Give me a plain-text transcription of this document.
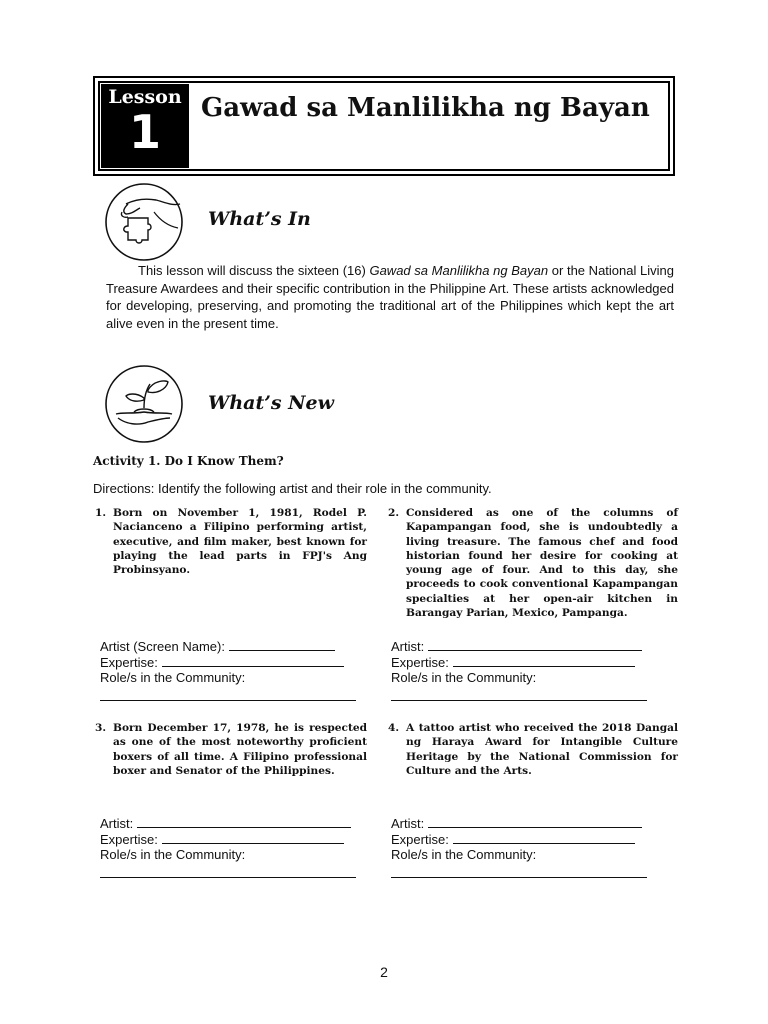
Lesson
1	Gawad sa Manlilikha ng Bayan
What’s In
This lesson will discuss the sixteen (16) Gawad sa Manlilikha ng Bayan or the National Living Treasure Awardees and their specific contribution in the Philippine Art. These artists acknowledged for developing, preserving, and promoting the traditional art of the Philippines which kept the art alive even in the present time.
What’s New
Activity 1. Do I Know Them?
Directions: Identify the following artist and their role in the community.
1. Born on November 1, 1981, Rodel P. Nacianceno a Filipino performing artist, executive, and film maker, best known for playing the lead parts in FPJ's Ang Probinsyano.
Artist (Screen Name):
Expertise:
Role/s in the Community:
2. Considered as one of the columns of Kapampangan food, she is undoubtedly a living treasure. The famous chef and food historian found her desire for cooking at young age of four. And to this day, she proceeds to cook conventional Kapampangan specialties at her open-air kitchen in Barangay Parian, Mexico, Pampanga.
Artist:
Expertise:
Role/s in the Community:
3. Born December 17, 1978, he is respected as one of the most noteworthy proficient boxers of all time. A Filipino professional boxer and Senator of the Philippines.
Artist:
Expertise:
Role/s in the Community:
4. A tattoo artist who received the 2018 Dangal ng Haraya Award for Intangible Culture Heritage by the National Commission for Culture and the Arts.
Artist:
Expertise:
Role/s in the Community:
2
